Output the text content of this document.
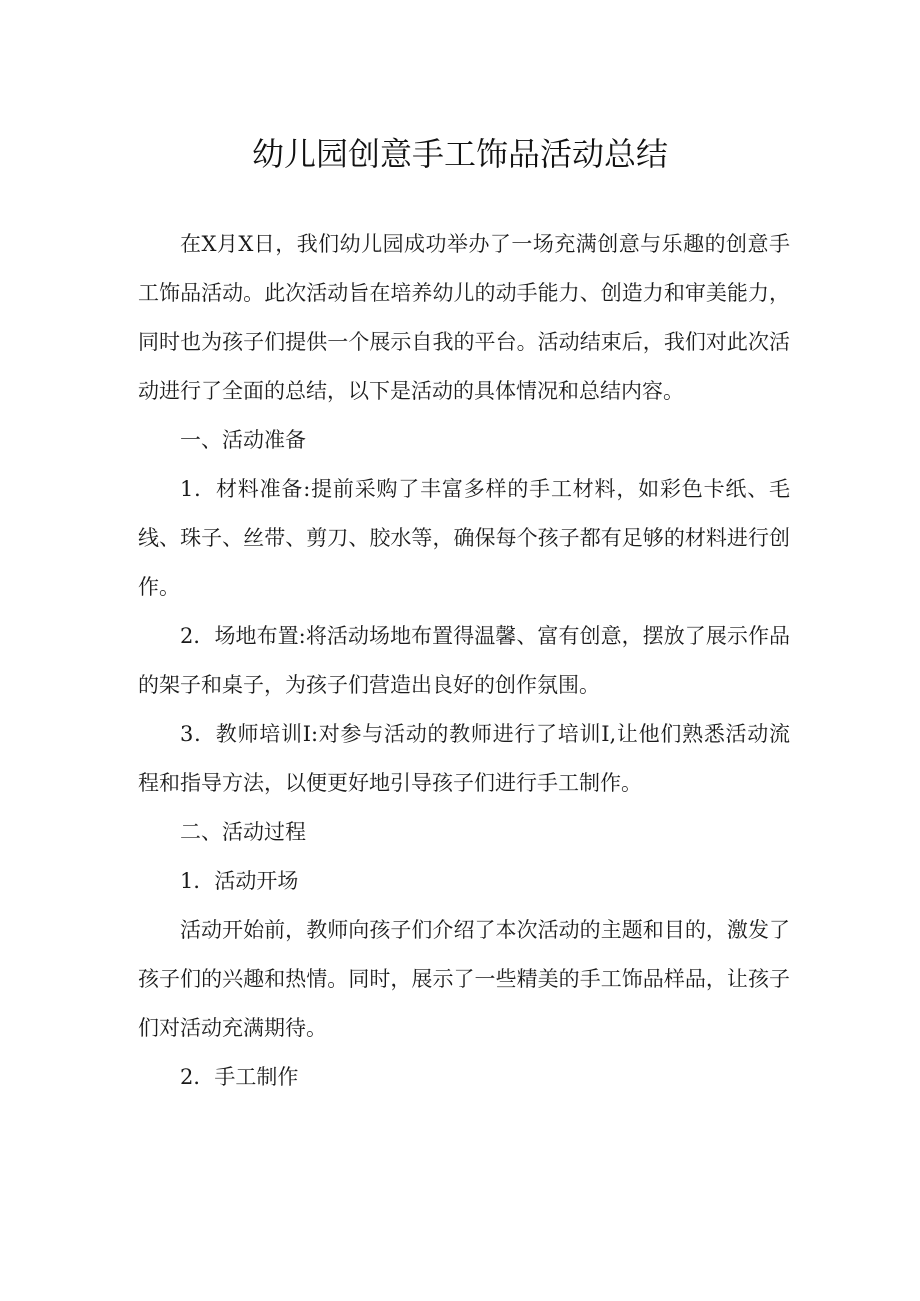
幼儿园创意手工饰品活动总结

在X月X日，我们幼儿园成功举办了一场充满创意与乐趣的创意手工饰品活动。此次活动旨在培养幼儿的动手能力、创造力和审美能力，同时也为孩子们提供一个展示自我的平台。活动结束后，我们对此次活动进行了全面的总结，以下是活动的具体情况和总结内容。

一、活动准备

1．材料准备:提前采购了丰富多样的手工材料，如彩色卡纸、毛线、珠子、丝带、剪刀、胶水等，确保每个孩子都有足够的材料进行创作。

2．场地布置:将活动场地布置得温馨、富有创意，摆放了展示作品的架子和桌子，为孩子们营造出良好的创作氛围。

3．教师培训I:对参与活动的教师进行了培训I,让他们熟悉活动流程和指导方法，以便更好地引导孩子们进行手工制作。

二、活动过程

1．活动开场

活动开始前，教师向孩子们介绍了本次活动的主题和目的，激发了孩子们的兴趣和热情。同时，展示了一些精美的手工饰品样品，让孩子们对活动充满期待。

2．手工制作
